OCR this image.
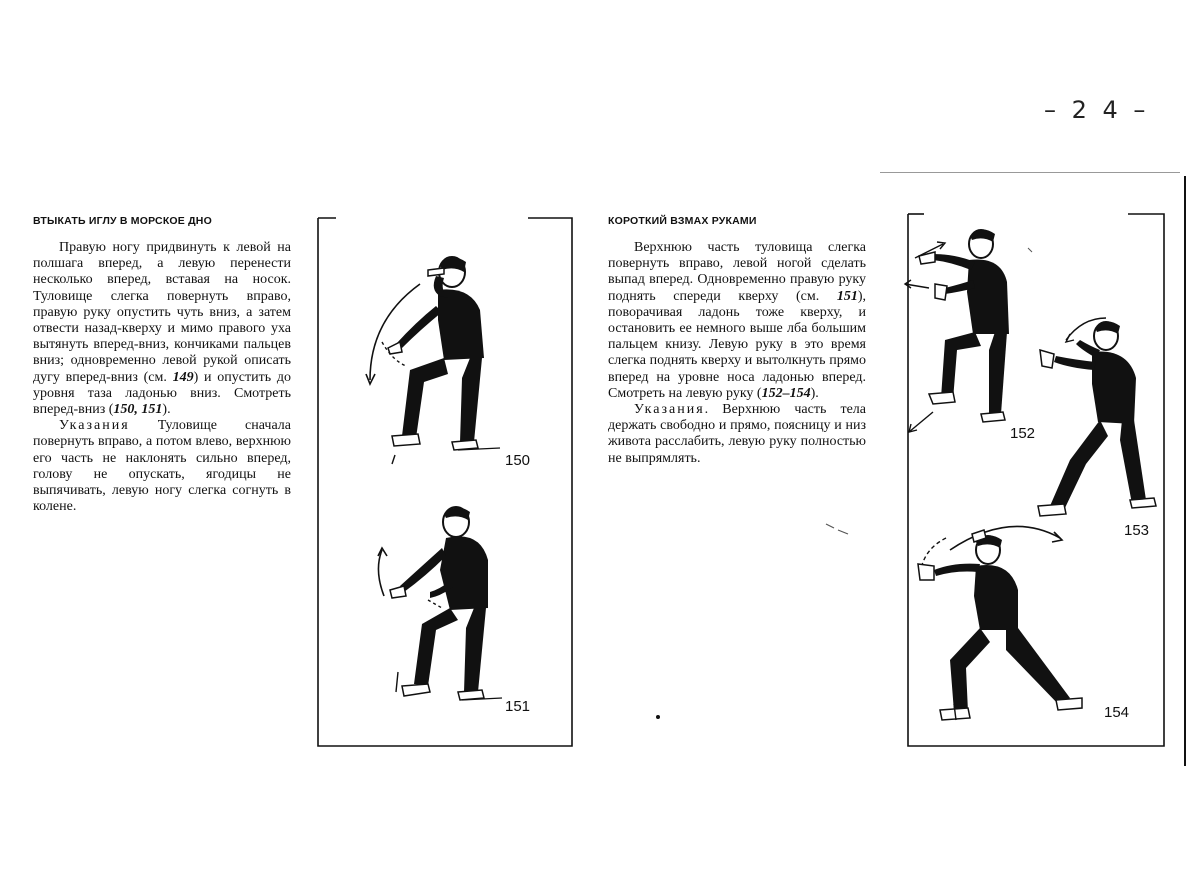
– 2 4 –
ВТЫКАТЬ ИГЛУ В МОРСКОЕ ДНО

Правую ногу придвинуть к левой на полшага вперед, а левую перенести несколько вперед, вставая на носок. Туловище слегка повернуть вправо, правую руку опустить чуть вниз, а затем отвести назад-кверху и мимо правого уха вытянуть вперед-вниз, кончиками пальцев вниз; одновременно левой рукой описать дугу вперед-вниз (см. 149) и опустить до уровня таза ладонью вниз. Смотреть вперед-вниз (150, 151).

Указания Туловище сначала повернуть вправо, а потом влево, верхнюю его часть не наклонять сильно вперед, голову не опускать, ягодицы не выпячивать, левую ногу слегка согнуть в колене.

КОРОТКИЙ ВЗМАХ РУКАМИ

Верхнюю часть туловища слегка повернуть вправо, левой ногой сделать выпад вперед. Одновременно правую руку поднять спереди кверху (см. 151), поворачивая ладонь тоже кверху, и остановить ее немного выше лба большим пальцем книзу. Левую руку в это время слегка поднять кверху и вытолкнуть прямо вперед на уровне носа ладонью вперед. Смотреть на левую руку (152–154).

Указания. Верхнюю часть тела держать свободно и прямо, поясницу и низ живота расслабить, левую руку полностью не выпрямлять.

150
151
152
153
154
